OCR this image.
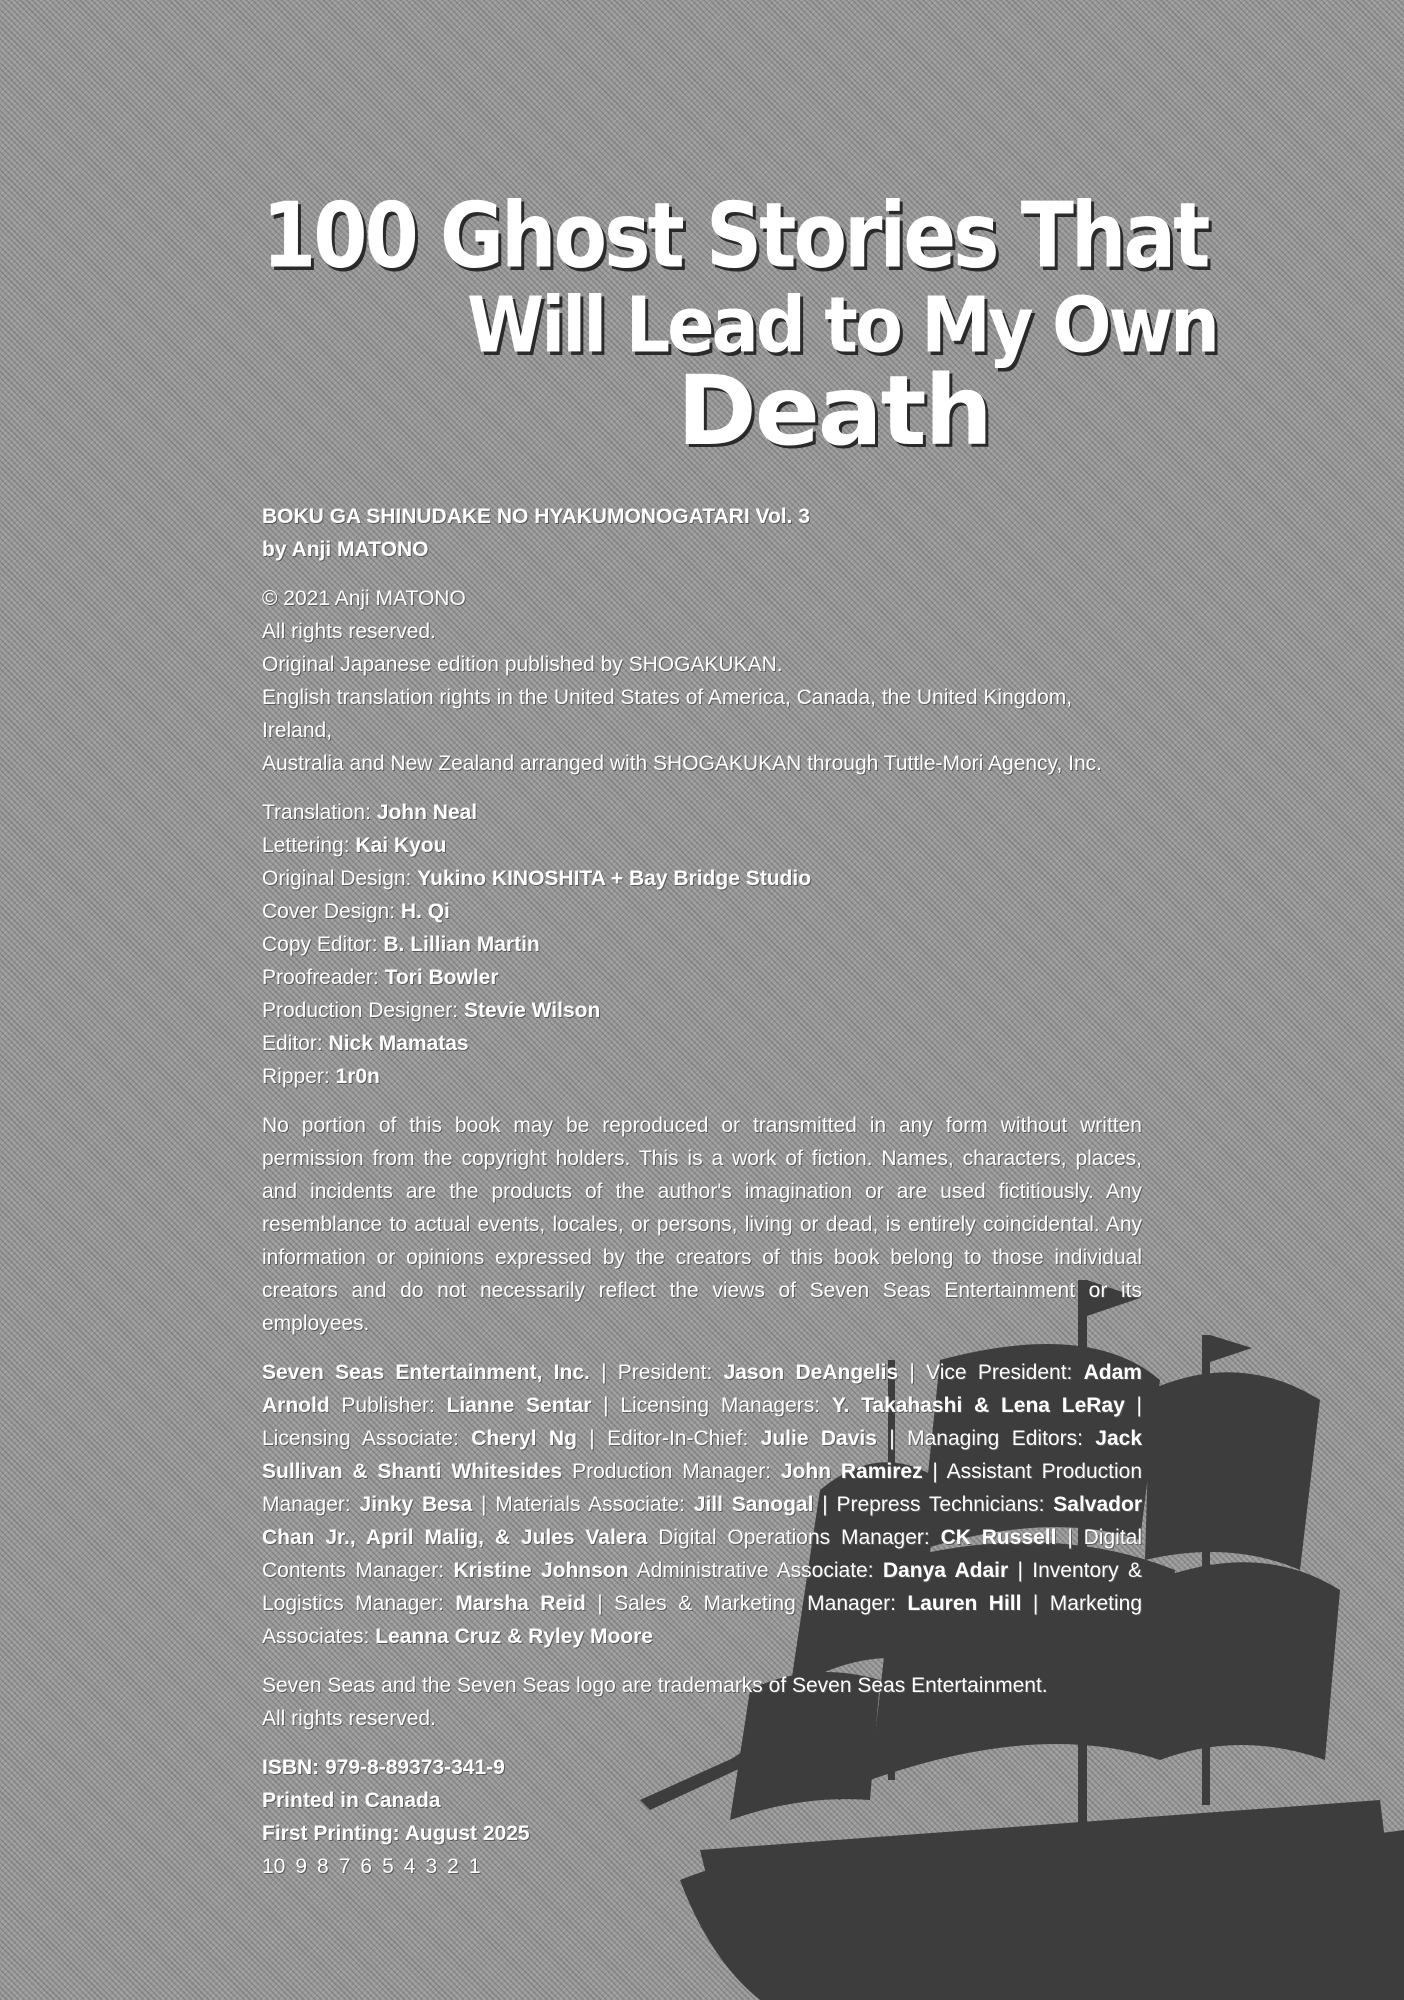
100 Ghost Stories That
Will Lead to My Own
Death

BOKU GA SHINUDAKE NO HYAKUMONOGATARI Vol. 3

by Anji MATONO

© 2021 Anji MATONO

All rights reserved.

Original Japanese edition published by SHOGAKUKAN.

English translation rights in the United States of America, Canada, the United Kingdom, Ireland,

Australia and New Zealand arranged with SHOGAKUKAN through Tuttle-Mori Agency, Inc.

Translation: John Neal

Lettering: Kai Kyou

Original Design: Yukino KINOSHITA + Bay Bridge Studio

Cover Design: H. Qi

Copy Editor: B. Lillian Martin

Proofreader: Tori Bowler

Production Designer: Stevie Wilson

Editor: Nick Mamatas

Ripper: 1r0n

No portion of this book may be reproduced or transmitted in any form without written permission from the copyright holders. This is a work of fiction. Names, characters, places, and incidents are the products of the author's imagination or are used fictitiously. Any resemblance to actual events, locales, or persons, living or dead, is entirely coincidental. Any information or opinions expressed by the creators of this book belong to those individual creators and do not necessarily reflect the views of Seven Seas Entertainment or its employees.

Seven Seas Entertainment, Inc. | President: Jason DeAngelis | Vice President: Adam Arnold Publisher: Lianne Sentar | Licensing Managers: Y. Takahashi & Lena LeRay | Licensing Associate: Cheryl Ng | Editor-In-Chief: Julie Davis | Managing Editors: Jack Sullivan & Shanti Whitesides Production Manager: John Ramirez | Assistant Production Manager: Jinky Besa | Materials Associate: Jill Sanogal | Prepress Technicians: Salvador Chan Jr., April Malig, & Jules Valera Digital Operations Manager: CK Russell | Digital Contents Manager: Kristine Johnson Administrative Associate: Danya Adair | Inventory & Logistics Manager: Marsha Reid | Sales & Marketing Manager: Lauren Hill | Marketing Associates: Leanna Cruz & Ryley Moore

Seven Seas and the Seven Seas logo are trademarks of Seven Seas Entertainment.

All rights reserved.

ISBN: 979-8-89373-341-9

Printed in Canada

First Printing: August 2025

10 9 8 7 6 5 4 3 2 1
